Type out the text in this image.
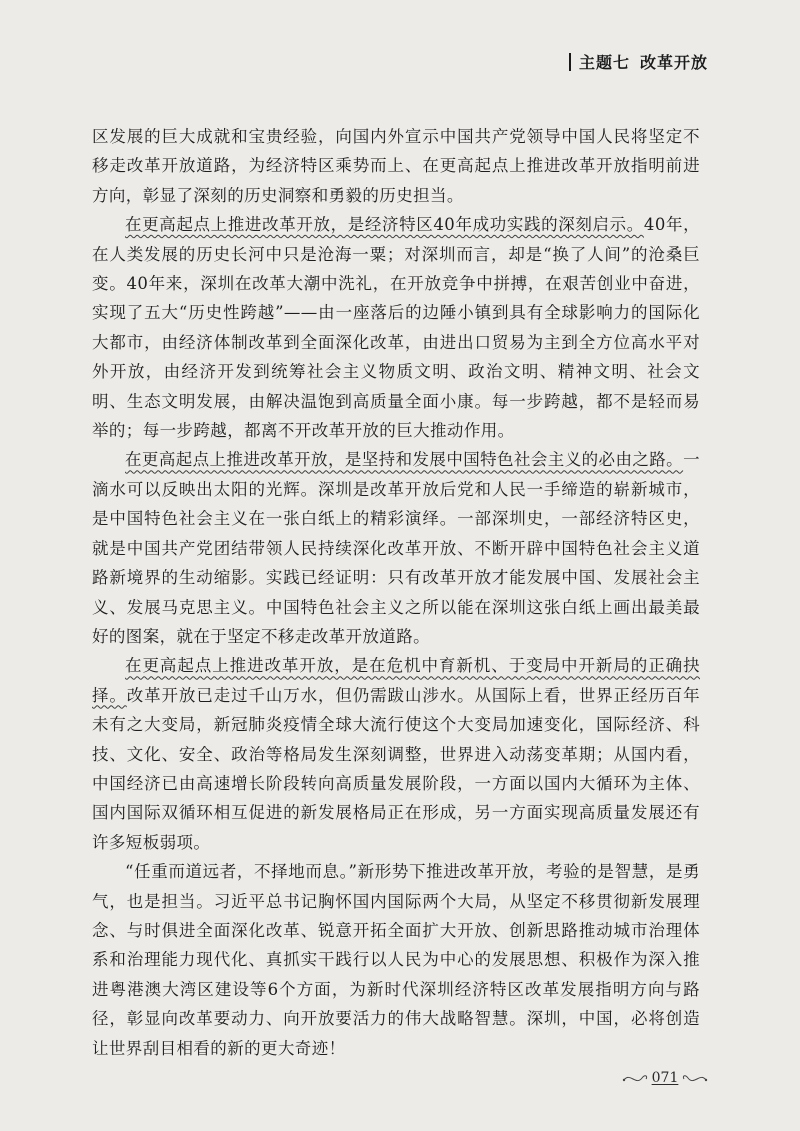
主题七 改革开放

区发展的巨大成就和宝贵经验，向国内外宣示中国共产党领导中国人民将坚定不移走改革开放道路，为经济特区乘势而上、在更高起点上推进改革开放指明前进方向，彰显了深刻的历史洞察和勇毅的历史担当。

在更高起点上推进改革开放，是经济特区40年成功实践的深刻启示。40年，在人类发展的历史长河中只是沧海一粟；对深圳而言，却是“换了人间”的沧桑巨变。40年来，深圳在改革大潮中洗礼，在开放竞争中拼搏，在艰苦创业中奋进，实现了五大“历史性跨越”——由一座落后的边陲小镇到具有全球影响力的国际化大都市，由经济体制改革到全面深化改革，由进出口贸易为主到全方位高水平对外开放，由经济开发到统筹社会主义物质文明、政治文明、精神文明、社会文明、生态文明发展，由解决温饱到高质量全面小康。每一步跨越，都不是轻而易举的；每一步跨越，都离不开改革开放的巨大推动作用。

在更高起点上推进改革开放，是坚持和发展中国特色社会主义的必由之路。一滴水可以反映出太阳的光辉。深圳是改革开放后党和人民一手缔造的崭新城市，是中国特色社会主义在一张白纸上的精彩演绎。一部深圳史，一部经济特区史，就是中国共产党团结带领人民持续深化改革开放、不断开辟中国特色社会主义道路新境界的生动缩影。实践已经证明：只有改革开放才能发展中国、发展社会主义、发展马克思主义。中国特色社会主义之所以能在深圳这张白纸上画出最美最好的图案，就在于坚定不移走改革开放道路。

在更高起点上推进改革开放，是在危机中育新机、于变局中开新局的正确抉择。改革开放已走过千山万水，但仍需跋山涉水。从国际上看，世界正经历百年未有之大变局，新冠肺炎疫情全球大流行使这个大变局加速变化，国际经济、科技、文化、安全、政治等格局发生深刻调整，世界进入动荡变革期；从国内看，中国经济已由高速增长阶段转向高质量发展阶段，一方面以国内大循环为主体、国内国际双循环相互促进的新发展格局正在形成，另一方面实现高质量发展还有许多短板弱项。

“任重而道远者，不择地而息。”新形势下推进改革开放，考验的是智慧，是勇气，也是担当。习近平总书记胸怀国内国际两个大局，从坚定不移贯彻新发展理念、与时俱进全面深化改革、锐意开拓全面扩大开放、创新思路推动城市治理体系和治理能力现代化、真抓实干践行以人民为中心的发展思想、积极作为深入推进粤港澳大湾区建设等6个方面，为新时代深圳经济特区改革发展指明方向与路径，彰显向改革要动力、向开放要活力的伟大战略智慧。深圳，中国，必将创造让世界刮目相看的新的更大奇迹！

071
